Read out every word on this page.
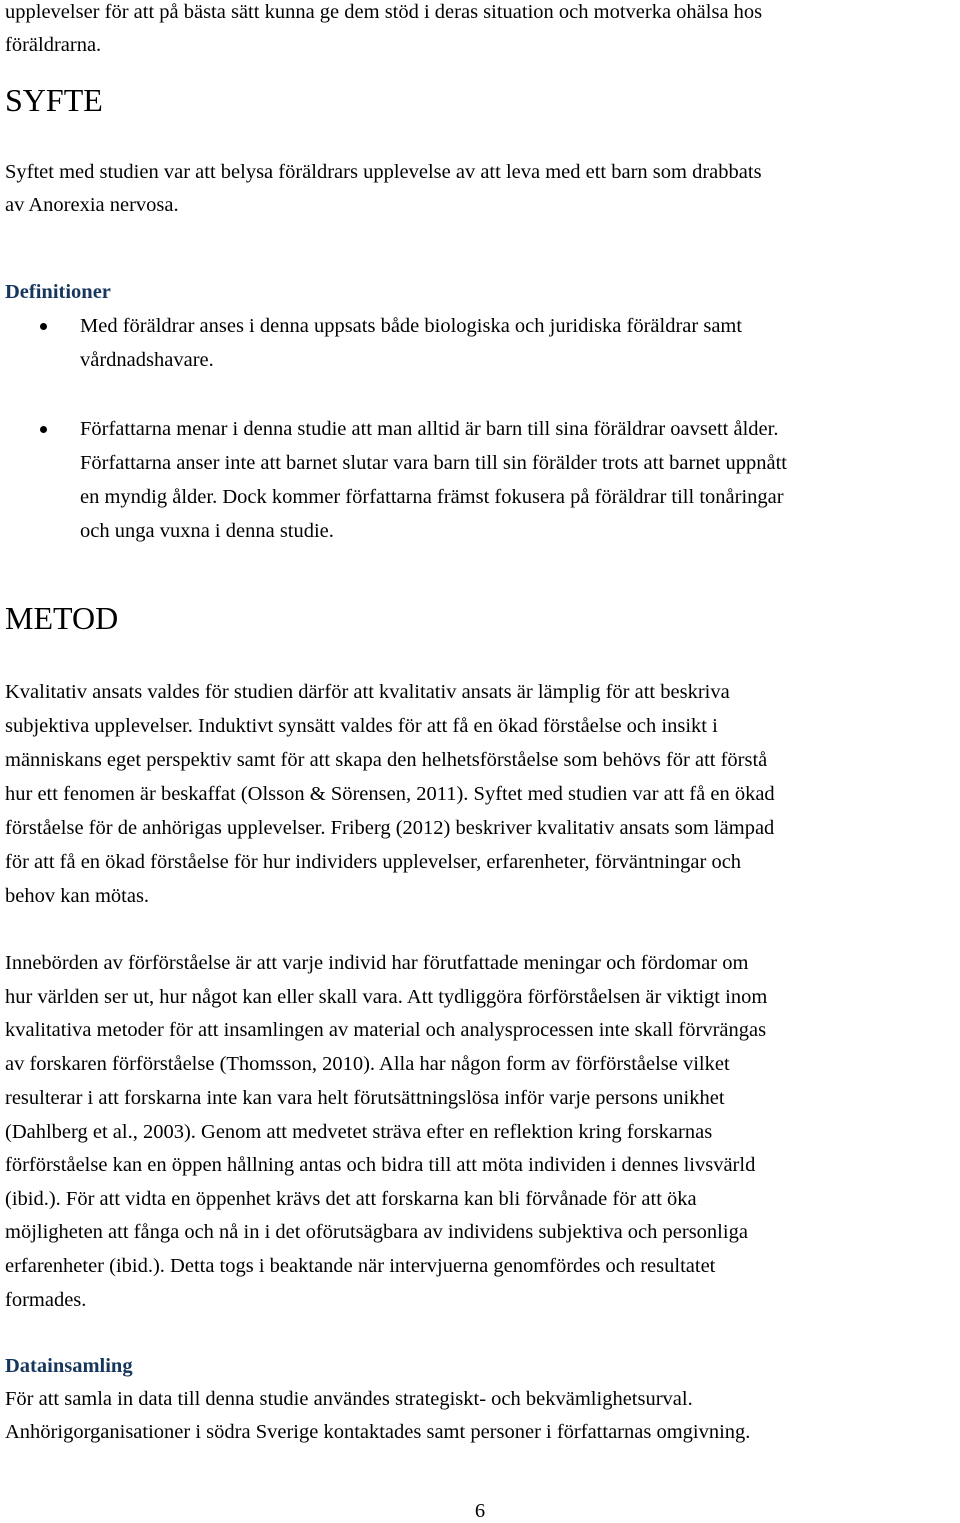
upplevelser för att på bästa sätt kunna ge dem stöd i deras situation och motverka ohälsa hos
föräldrarna.
SYFTE
Syftet med studien var att belysa föräldrars upplevelse av att leva med ett barn som drabbats
av Anorexia nervosa.
Definitioner
Med föräldrar anses i denna uppsats både biologiska och juridiska föräldrar samt
vårdnadshavare.
Författarna menar i denna studie att man alltid är barn till sina föräldrar oavsett ålder.
Författarna anser inte att barnet slutar vara barn till sin förälder trots att barnet uppnått
en myndig ålder. Dock kommer författarna främst fokusera på föräldrar till tonåringar
och unga vuxna i denna studie.
METOD
Kvalitativ ansats valdes för studien därför att kvalitativ ansats är lämplig för att beskriva
subjektiva upplevelser. Induktivt synsätt valdes för att få en ökad förståelse och insikt i
människans eget perspektiv samt för att skapa den helhetsförståelse som behövs för att förstå
hur ett fenomen är beskaffat (Olsson & Sörensen, 2011). Syftet med studien var att få en ökad
förståelse för de anhörigas upplevelser. Friberg (2012) beskriver kvalitativ ansats som lämpad
för att få en ökad förståelse för hur individers upplevelser, erfarenheter, förväntningar och
behov kan mötas.
Innebörden av förförståelse är att varje individ har förutfattade meningar och fördomar om
hur världen ser ut, hur något kan eller skall vara. Att tydliggöra förförståelsen är viktigt inom
kvalitativa metoder för att insamlingen av material och analysprocessen inte skall förvrängas
av forskaren förförståelse (Thomsson, 2010). Alla har någon form av förförståelse vilket
resulterar i att forskarna inte kan vara helt förutsättningslösa inför varje persons unikhet
(Dahlberg et al., 2003). Genom att medvetet sträva efter en reflektion kring forskarnas
förförståelse kan en öppen hållning antas och bidra till att möta individen i dennes livsvärld
(ibid.). För att vidta en öppenhet krävs det att forskarna kan bli förvånade för att öka
möjligheten att fånga och nå in i det oförutsägbara av individens subjektiva och personliga
erfarenheter (ibid.). Detta togs i beaktande när intervjuerna genomfördes och resultatet
formades.
Datainsamling
För att samla in data till denna studie användes strategiskt- och bekvämlighetsurval.
Anhörigorganisationer i södra Sverige kontaktades samt personer i författarnas omgivning.
6
